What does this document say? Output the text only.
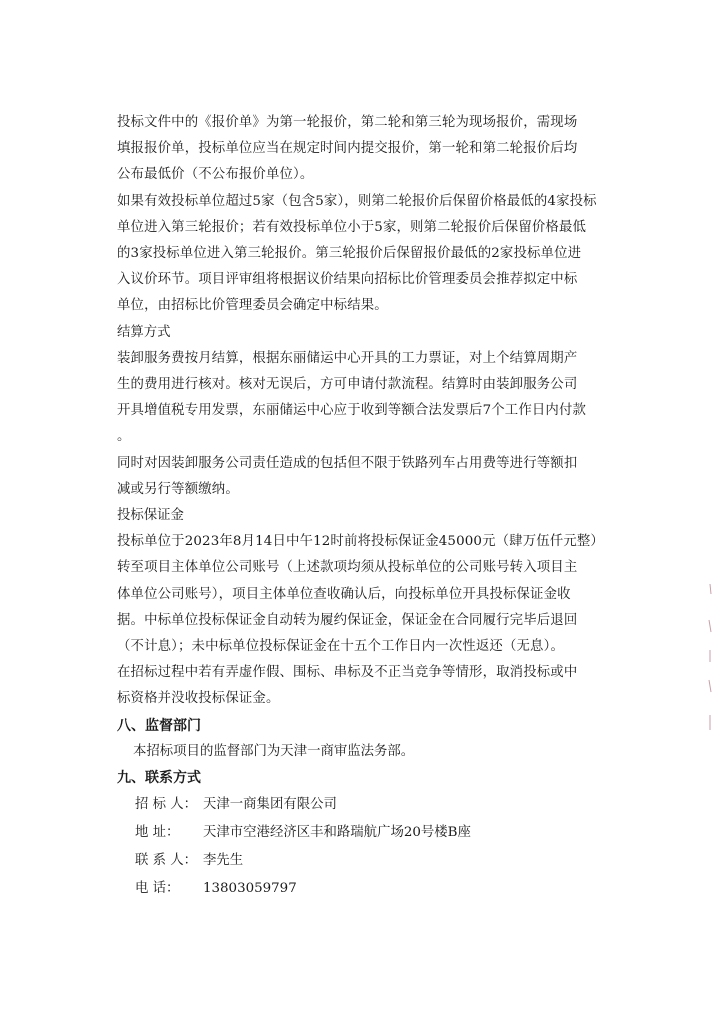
投标文件中的《报价单》为第一轮报价，第二轮和第三轮为现场报价，需现场
填报报价单，投标单位应当在规定时间内提交报价，第一轮和第二轮报价后均
公布最低价（不公布报价单位）。

如果有效投标单位超过5家（包含5家），则第二轮报价后保留价格最低的4家投标
单位进入第三轮报价；若有效投标单位小于5家，则第二轮报价后保留价格最低
的3家投标单位进入第三轮报价。第三轮报价后保留报价最低的2家投标单位进
入议价环节。项目评审组将根据议价结果向招标比价管理委员会推荐拟定中标
单位，由招标比价管理委员会确定中标结果。

结算方式

装卸服务费按月结算，根据东丽储运中心开具的工力票证，对上个结算周期产
生的费用进行核对。核对无误后，方可申请付款流程。结算时由装卸服务公司
开具增值税专用发票，东丽储运中心应于收到等额合法发票后7个工作日内付款
。

同时对因装卸服务公司责任造成的包括但不限于铁路列车占用费等进行等额扣
减或另行等额缴纳。

投标保证金

投标单位于2023年8月14日中午12时前将投标保证金45000元（肆万伍仟元整）
转至项目主体单位公司账号（上述款项均须从投标单位的公司账号转入项目主
体单位公司账号），项目主体单位查收确认后，向投标单位开具投标保证金收
据。中标单位投标保证金自动转为履约保证金，保证金在合同履行完毕后退回
（不计息）；未中标单位投标保证金在十五个工作日内一次性返还（无息）。
在招标过程中若有弄虚作假、围标、串标及不正当竞争等情形，取消投标或中
标资格并没收投标保证金。

八、监督部门

本招标项目的监督部门为天津一商审监法务部。

九、联系方式

招 标 人： 天津一商集团有限公司
地 址：	天津市空港经济区丰和路瑞航广场20号楼B座
联 系 人： 李先生
电 话：	13803059797
